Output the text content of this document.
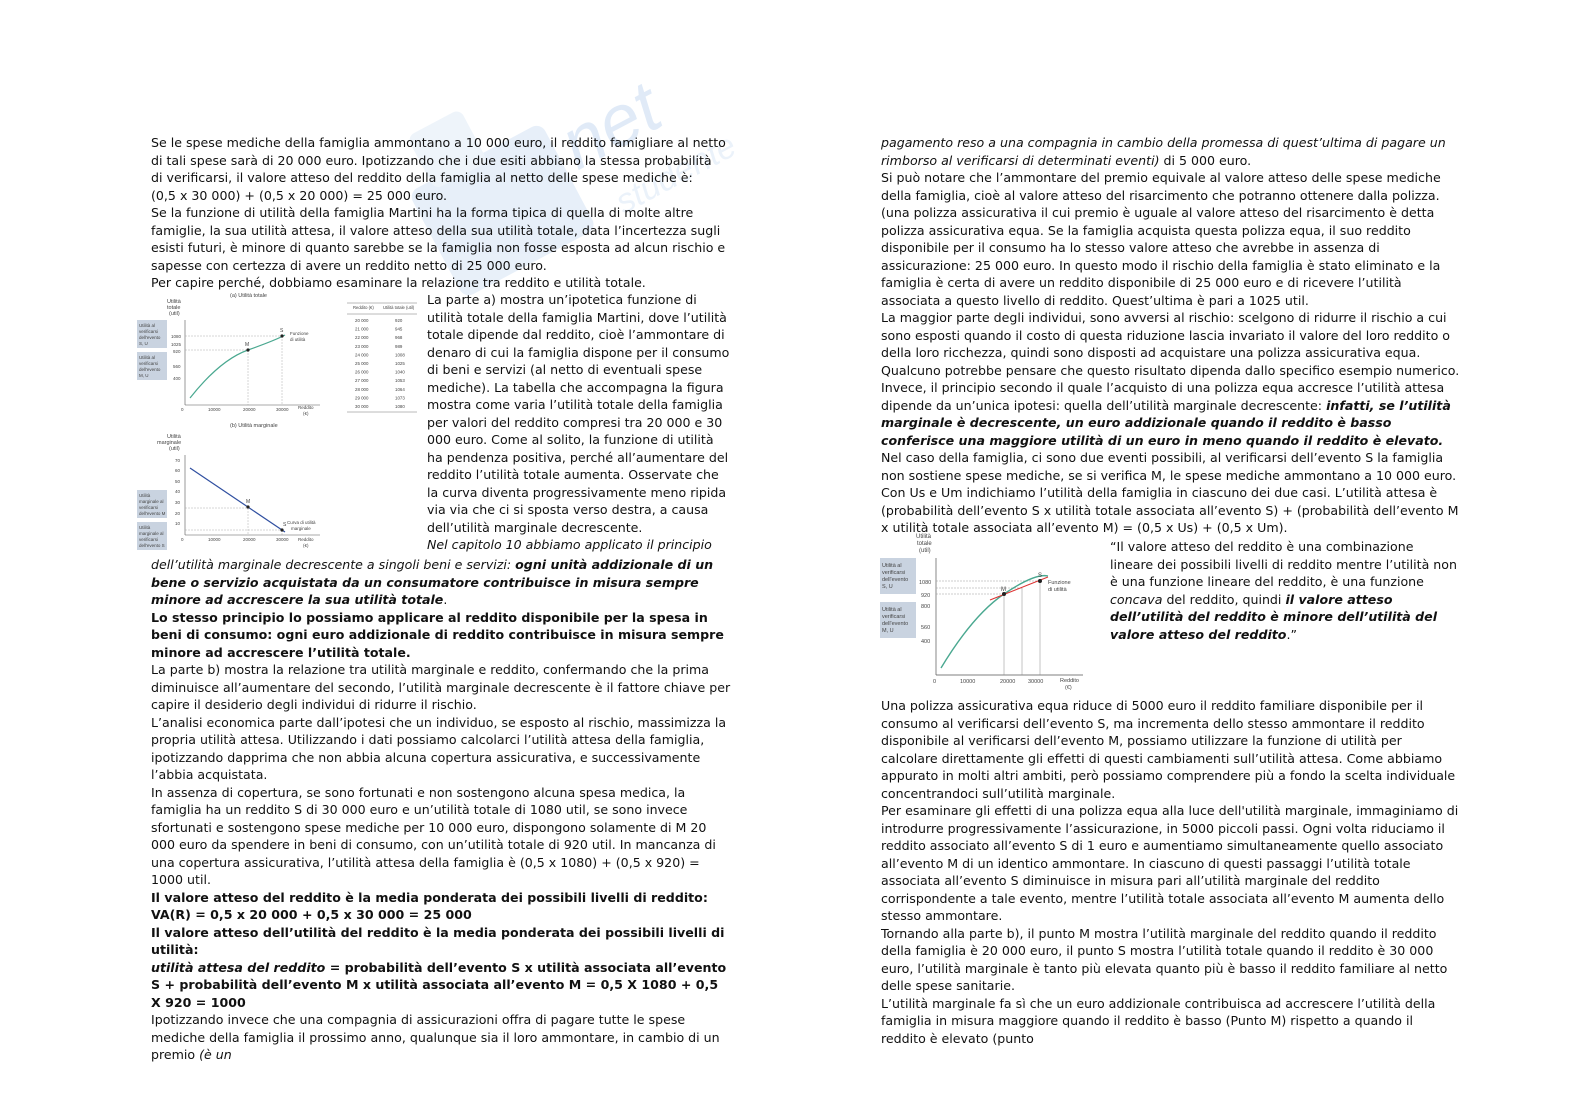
net
studente

Se le spese mediche della famiglia ammontano a 10 000 euro, il reddito famigliare al netto di tali spese sarà di 20 000 euro. Ipotizzando che i due esiti abbiano la stessa probabilità di verificarsi, il valore atteso del reddito della famiglia al netto delle spese mediche è:

(0,5 x 30 000) + (0,5 x 20 000) = 25 000 euro.

Se la funzione di utilità della famiglia Martini ha la forma tipica di quella di molte altre famiglie, la sua utilità attesa, il valore atteso della sua utilità totale, data l’incertezza sugli esisti futuri, è minore di quanto sarebbe se la famiglia non fosse esposta ad alcun rischio e sapesse con certezza di avere un reddito netto di 25 000 euro.

Per capire perché, dobbiamo esaminare la relazione tra reddito e utilità totale.

(a) Utilità totale
Utilità
totale
(util)
Utilità al
verificarsi
dell'evento
S, U
Utilità al
verificarsi
dell'evento
M, U
1080
1025
920
560
400
0	10000	20000	30000 Reddito
(€)
M
S Funzione
di utilità
Reddito (€) Utilità totale (util)
20 000	920
21 000	945
22 000	968
23 000	989
24 000	1008
25 000	1025
26 000	1040
27 000	1053
28 000	1064
29 000	1073
30 000	1080
(b) Utilità marginale
Utilità
marginale
(util)
Utilità
marginale al
verificarsi
dell'evento M
Utilità
marginale al
verificarsi
dell'evento S
70
60
50
40
30
20
10
0	10000	20000	30000 Reddito
(€)
M
S Curva di utilità
marginale

La parte a) mostra un’ipotetica funzione di utilità totale della famiglia Martini, dove l’utilità totale dipende dal reddito, cioè l’ammontare di denaro di cui la famiglia dispone per il consumo di beni e servizi (al netto di eventuali spese mediche). La tabella che accompagna la figura mostra come varia l’utilità totale della famiglia per valori del reddito compresi tra 20 000 e 30 000 euro. Come al solito, la funzione di utilità ha pendenza positiva, perché all’aumentare del reddito l’utilità totale aumenta. Osservate che la curva diventa progressivamente meno ripida via via che ci si sposta verso destra, a causa dell’utilità marginale decrescente.

Nel capitolo 10 abbiamo applicato il principio

dell’utilità marginale decrescente a singoli beni e servizi: ogni unità addizionale di un bene o servizio acquistata da un consumatore contribuisce in misura sempre minore ad accrescere la sua utilità totale.

Lo stesso principio lo possiamo applicare al reddito disponibile per la spesa in beni di consumo: ogni euro addizionale di reddito contribuisce in misura sempre minore ad accrescere l’utilità totale.

La parte b) mostra la relazione tra utilità marginale e reddito, confermando che la prima diminuisce all’aumentare del secondo, l’utilità marginale decrescente è il fattore chiave per capire il desiderio degli individui di ridurre il rischio.

L’analisi economica parte dall’ipotesi che un individuo, se esposto al rischio, massimizza la propria utilità attesa. Utilizzando i dati possiamo calcolarci l’utilità attesa della famiglia, ipotizzando dapprima che non abbia alcuna copertura assicurativa, e successivamente l’abbia acquistata.

In assenza di copertura, se sono fortunati e non sostengono alcuna spesa medica, la famiglia ha un reddito S di 30 000 euro e un’utilità totale di 1080 util, se sono invece sfortunati e sostengono spese mediche per 10 000 euro, dispongono solamente di M 20 000 euro da spendere in beni di consumo, con un’utilità totale di 920 util. In mancanza di una copertura assicurativa, l’utilità attesa della famiglia è (0,5 x 1080) + (0,5 x 920) = 1000 util.

Il valore atteso del reddito è la media ponderata dei possibili livelli di reddito:

VA(R) = 0,5 x 20 000 + 0,5 x 30 000 = 25 000

Il valore atteso dell’utilità del reddito è la media ponderata dei possibili livelli di utilità:

utilità attesa del reddito = probabilità dell’evento S x utilità associata all’evento S + probabilità dell’evento M x utilità associata all’evento M = 0,5 X 1080 + 0,5 X 920 = 1000

Ipotizzando invece che una compagnia di assicurazioni offra di pagare tutte le spese mediche della famiglia il prossimo anno, qualunque sia il loro ammontare, in cambio di un premio (è un

pagamento reso a una compagnia in cambio della promessa di quest’ultima di pagare un rimborso al verificarsi di determinati eventi) di 5 000 euro.

Si può notare che l’ammontare del premio equivale al valore atteso delle spese mediche della famiglia, cioè al valore atteso del risarcimento che potranno ottenere dalla polizza. (una polizza assicurativa il cui premio è uguale al valore atteso del risarcimento è detta polizza assicurativa equa. Se la famiglia acquista questa polizza equa, il suo reddito disponibile per il consumo ha lo stesso valore atteso che avrebbe in assenza di assicurazione: 25 000 euro. In questo modo il rischio della famiglia è stato eliminato e la famiglia è certa di avere un reddito disponibile di 25 000 euro e di ricevere l’utilità associata a questo livello di reddito. Quest’ultima è pari a 1025 util.

La maggior parte degli individui, sono avversi al rischio: scelgono di ridurre il rischio a cui sono esposti quando il costo di questa riduzione lascia invariato il valore del loro reddito o della loro ricchezza, quindi sono disposti ad acquistare una polizza assicurativa equa.

Qualcuno potrebbe pensare che questo risultato dipenda dallo specifico esempio numerico.

Invece, il principio secondo il quale l’acquisto di una polizza equa accresce l’utilità attesa dipende da un’unica ipotesi: quella dell’utilità marginale decrescente: infatti, se l’utilità marginale è decrescente, un euro addizionale quando il reddito è basso conferisce una maggiore utilità di un euro in meno quando il reddito è elevato.

Nel caso della famiglia, ci sono due eventi possibili, al verificarsi dell’evento S la famiglia non sostiene spese mediche, se si verifica M, le spese mediche ammontano a 10 000 euro. Con Us e Um indichiamo l’utilità della famiglia in ciascuno dei due casi. L’utilità attesa è (probabilità dell’evento S x utilità totale associata all’evento S) + (probabilità dell’evento M x utilità totale associata all’evento M) = (0,5 x Us) + (0,5 x Um).

Utilità
totale
(util)
Utilità al
verificarsi
dell'evento
S, U
Utilità al
verificarsi
dell'evento
M, U
1080
920
800
560
400
0	10000	20000 30000	Reddito
(€)
M
S
Funzione
di utilità

“Il valore atteso del reddito è una combinazione lineare dei possibili livelli di reddito mentre l’utilità non è una funzione lineare del reddito, è una funzione concava del reddito, quindi il valore atteso dell’utilità del reddito è minore dell’utilità del valore atteso del reddito.”

Una polizza assicurativa equa riduce di 5000 euro il reddito familiare disponibile per il consumo al verificarsi dell’evento S, ma incrementa dello stesso ammontare il reddito disponibile al verificarsi dell’evento M, possiamo utilizzare la funzione di utilità per calcolare direttamente gli effetti di questi cambiamenti sull’utilità attesa. Come abbiamo appurato in molti altri ambiti, però possiamo comprendere più a fondo la scelta individuale concentrandoci sull’utilità marginale.

Per esaminare gli effetti di una polizza equa alla luce dell'utilità marginale, immaginiamo di introdurre progressivamente l’assicurazione, in 5000 piccoli passi. Ogni volta riduciamo il reddito associato all’evento S di 1 euro e aumentiamo simultaneamente quello associato all’evento M di un identico ammontare. In ciascuno di questi passaggi l’utilità totale associata all’evento S diminuisce in misura pari all’utilità marginale del reddito corrispondente a tale evento, mentre l’utilità totale associata all’evento M aumenta dello stesso ammontare.

Tornando alla parte b), il punto M mostra l’utilità marginale del reddito quando il reddito della famiglia è 20 000 euro, il punto S mostra l’utilità totale quando il reddito è 30 000 euro, l’utilità marginale è tanto più elevata quanto più è basso il reddito familiare al netto delle spese sanitarie.

L’utilità marginale fa sì che un euro addizionale contribuisca ad accrescere l’utilità della famiglia in misura maggiore quando il reddito è basso (Punto M) rispetto a quando il reddito è elevato (punto
